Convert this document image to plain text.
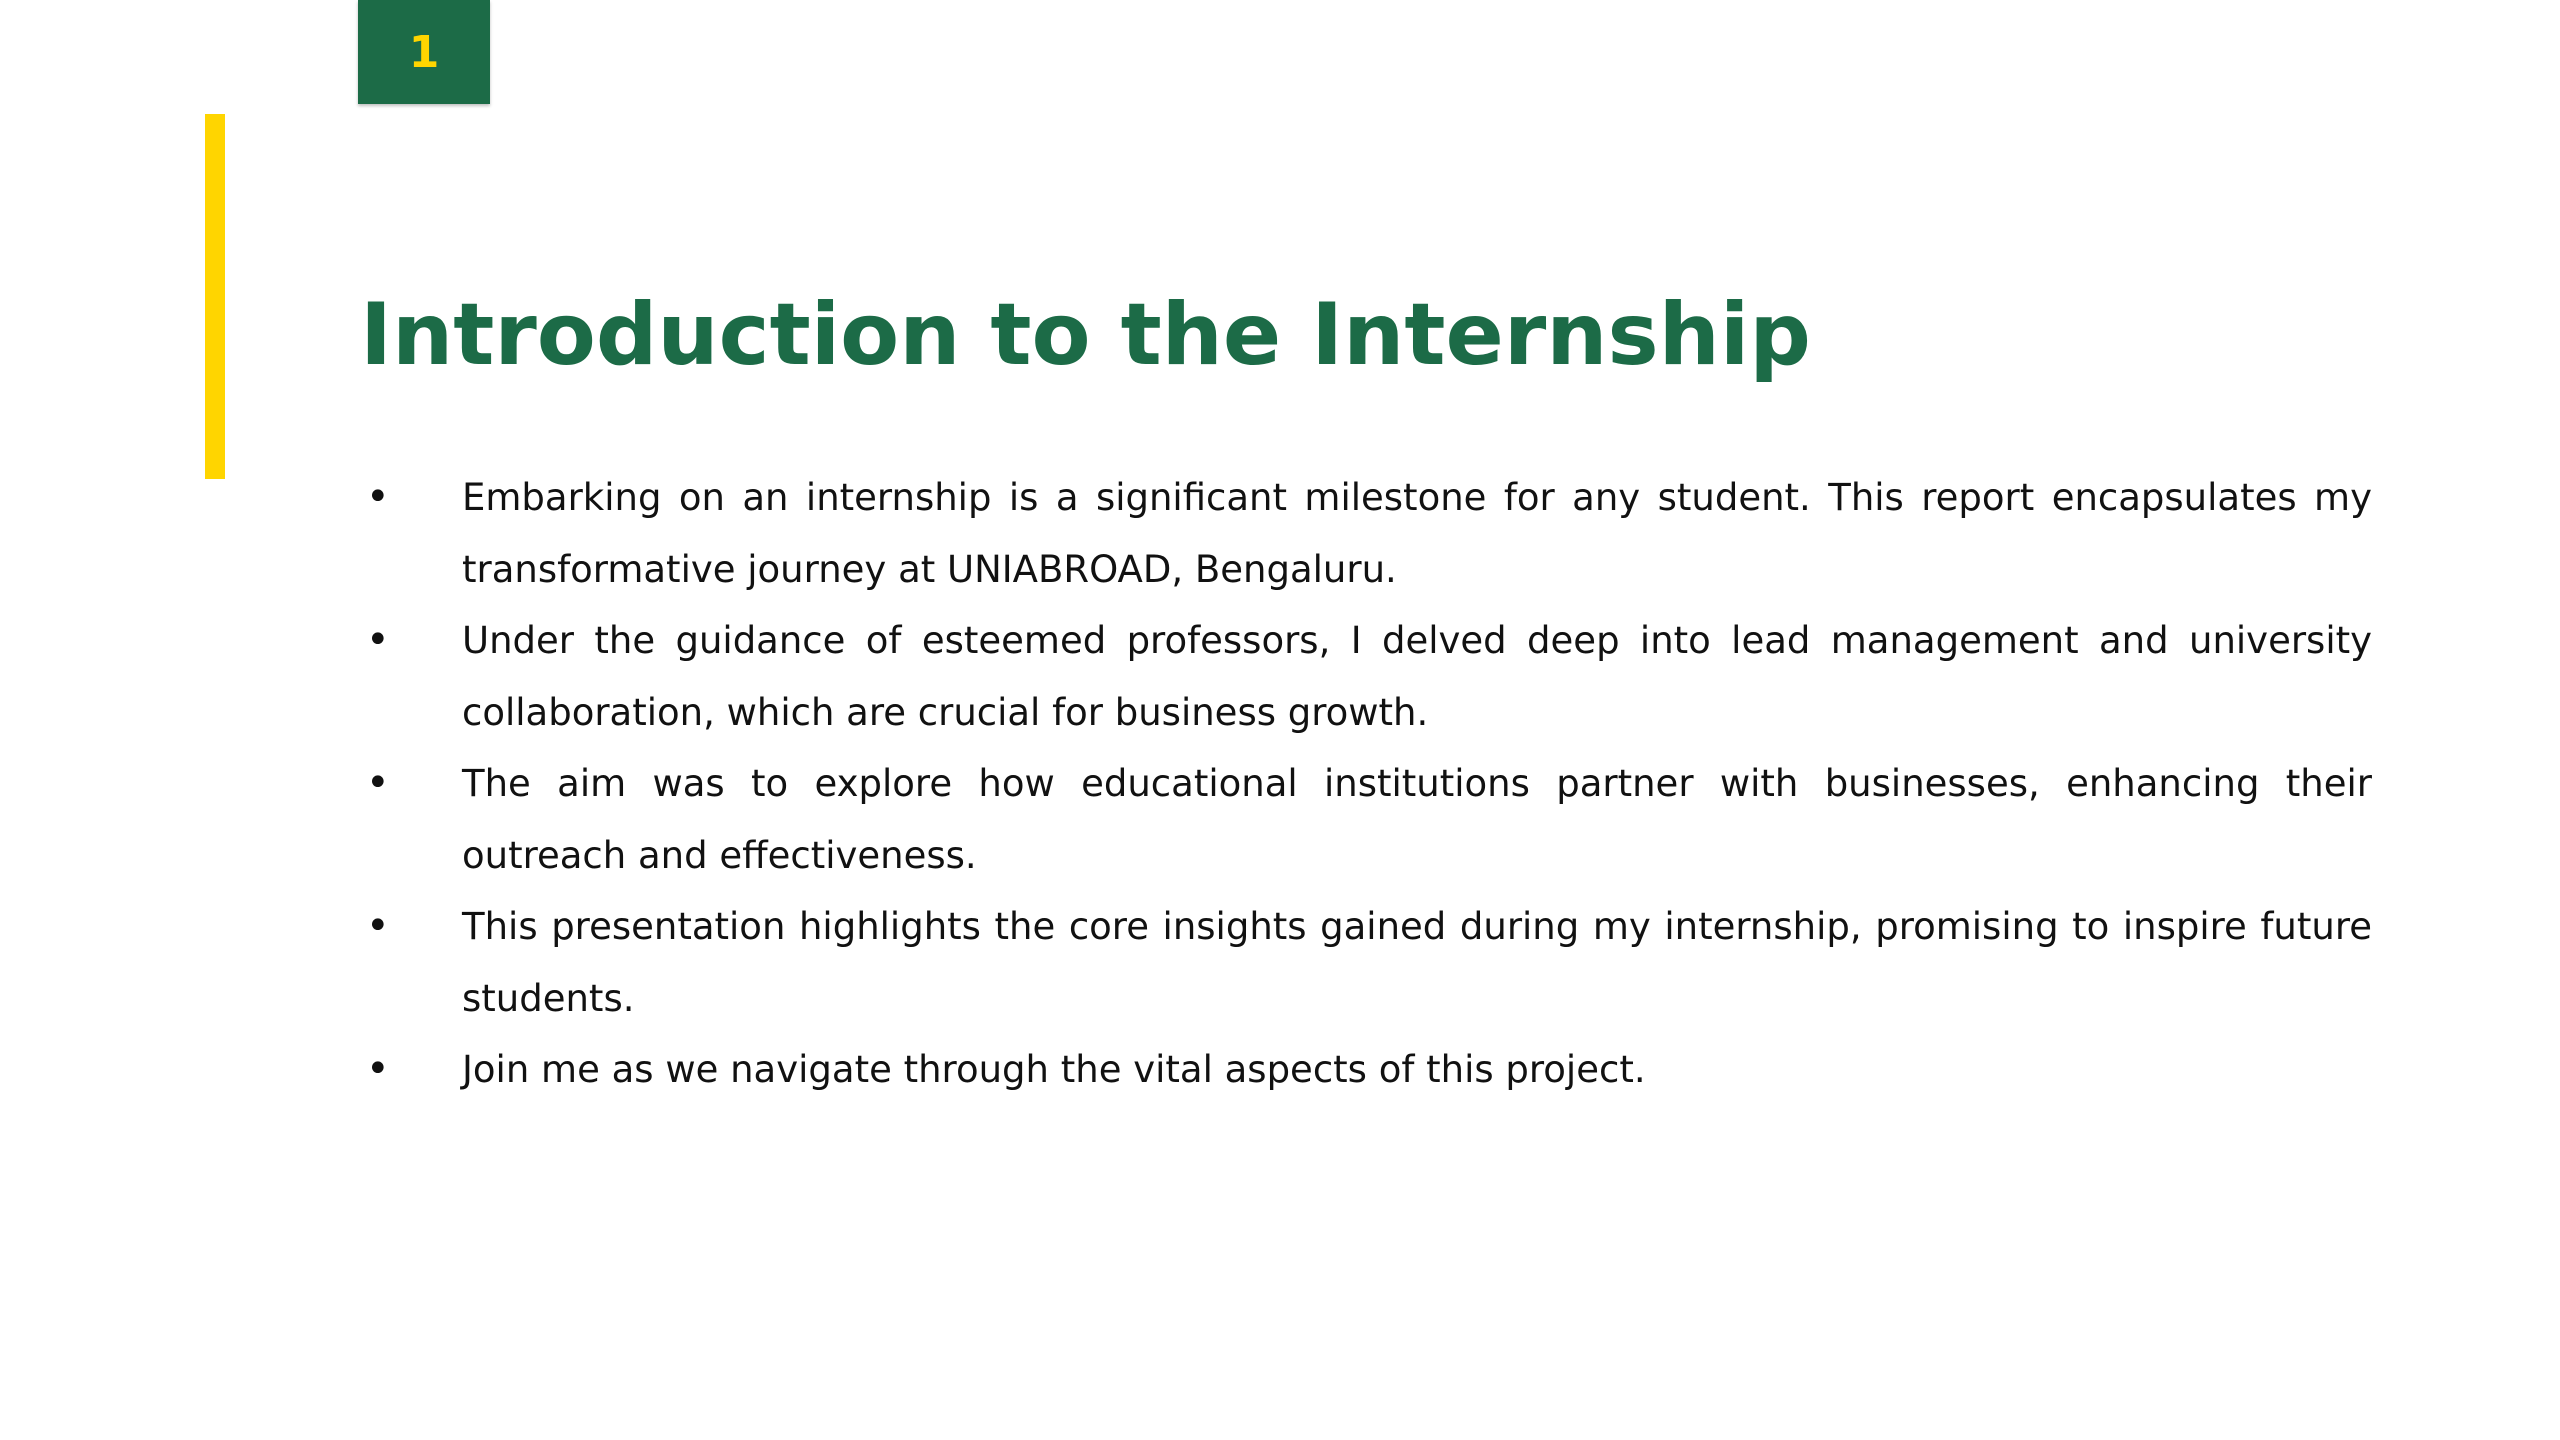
1
Introduction to the Internship
•	Embarking on an internship is a significant milestone for any student. This report encapsulates my transformative journey at UNIABROAD, Bengaluru.
•	Under the guidance of esteemed professors, I delved deep into lead management and university collaboration, which are crucial for business growth.
•	The aim was to explore how educational institutions partner with businesses, enhancing their outreach and effectiveness.
•	This presentation highlights the core insights gained during my internship, promising to inspire future students.
•	Join me as we navigate through the vital aspects of this project.
